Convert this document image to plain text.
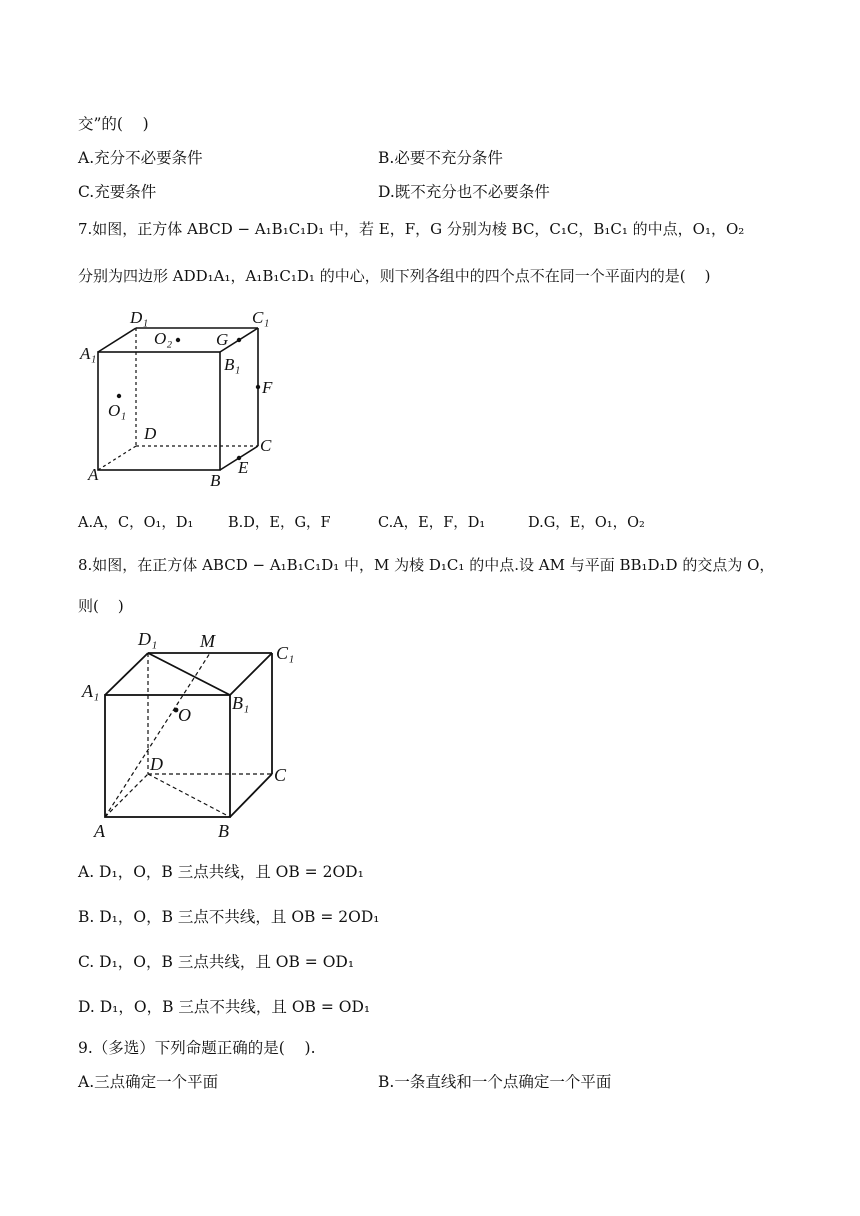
交”的(    )
A.充分不必要条件	B.必要不充分条件
C.充要条件	D.既不充分也不必要条件
7.如图，正方体 ABCD − A₁B₁C₁D₁ 中，若 E，F，G 分别为棱 BC，C₁C，B₁C₁ 的中点，O₁，O₂
分别为四边形 ADD₁A₁，A₁B₁C₁D₁ 的中心，则下列各组中的四个点不在同一个平面内的是(    )
D₁	C₁
A₁
O₂	G
B₁
F
O₁
D
C
A	B
E
A.A，C，O₁，D₁ B.D，E，G，F	C.A，E，F，D₁	D.G，E，O₁，O₂
8.如图，在正方体 ABCD − A₁B₁C₁D₁ 中，M 为棱 D₁C₁ 的中点.设 AM 与平面 BB₁D₁D 的交点为 O，
则(    )
D₁ M
C₁
A₁
B₁
O
D
C
A	B
A. D₁，O，B 三点共线，且 OB = 2OD₁
B. D₁，O，B 三点不共线，且 OB = 2OD₁
C. D₁，O，B 三点共线，且 OB = OD₁
D. D₁，O，B 三点不共线，且 OB = OD₁
9.（多选）下列命题正确的是(    ).
A.三点确定一个平面	B.一条直线和一个点确定一个平面
